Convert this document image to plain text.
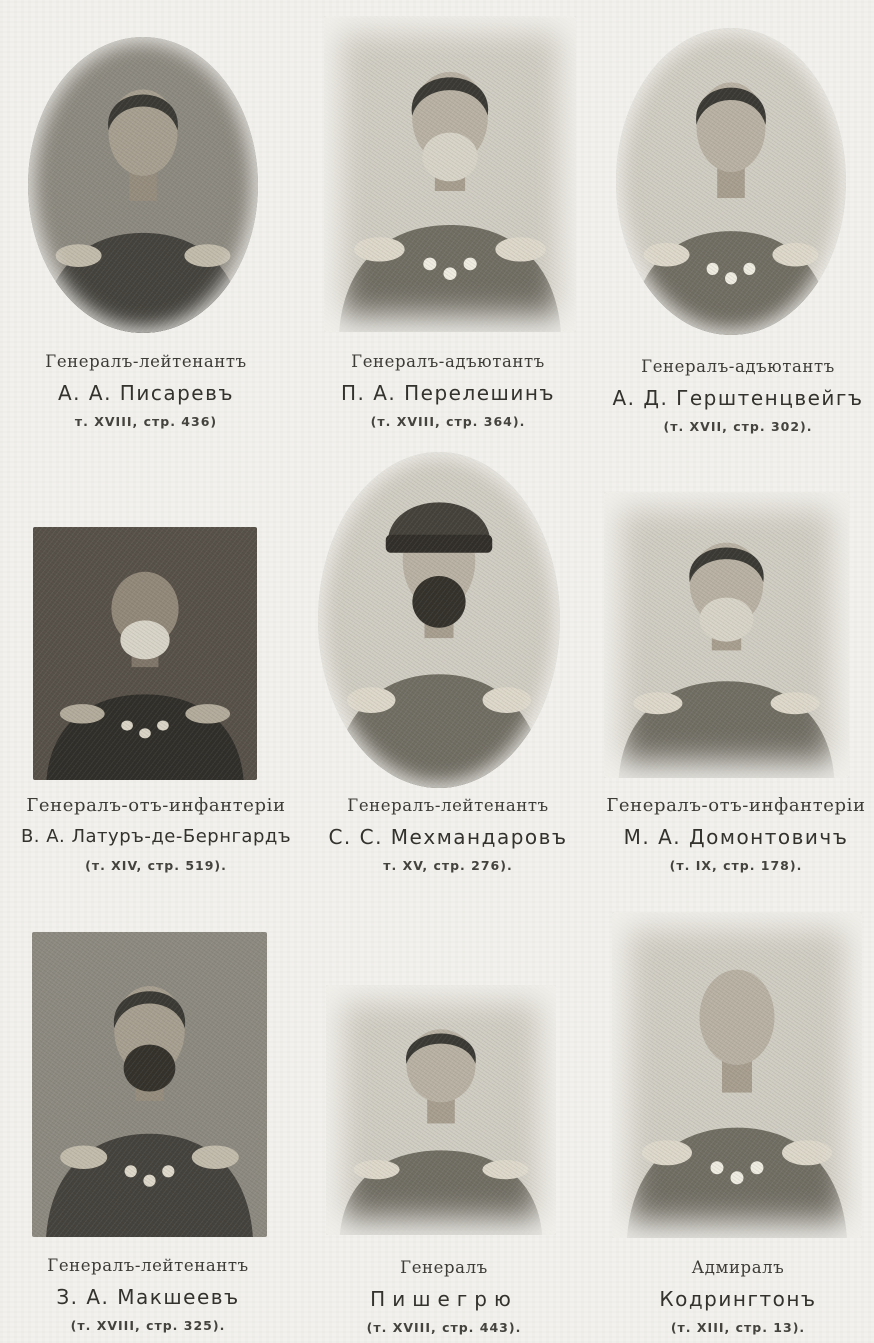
Генералъ-лейтенантъ
А. А. Писаревъ
т. XVIII, стр. 436)
Генералъ-адъютантъ
П. А. Перелешинъ
(т. XVIII, стр. 364).
Генералъ-адъютантъ
А. Д. Герштенцвейгъ
(т. XVII, стр. 302).
Генералъ-отъ-инфантеріи
В. А. Латуръ-де-Бернгардъ
(т. XIV, стр. 519).
Генералъ-лейтенантъ
С. С. Мехмандаровъ
т. XV, стр. 276).
Генералъ-отъ-инфантеріи
М. А. Домонтовичъ
(т. IX, стр. 178).
Генералъ-лейтенантъ
З. А. Макшеевъ
(т. XVIII, стр. 325).
Генералъ
Пишегрю
(т. XVIII, стр. 443).
Адмиралъ
Кодрингтонъ
(т. XIII, стр. 13).
